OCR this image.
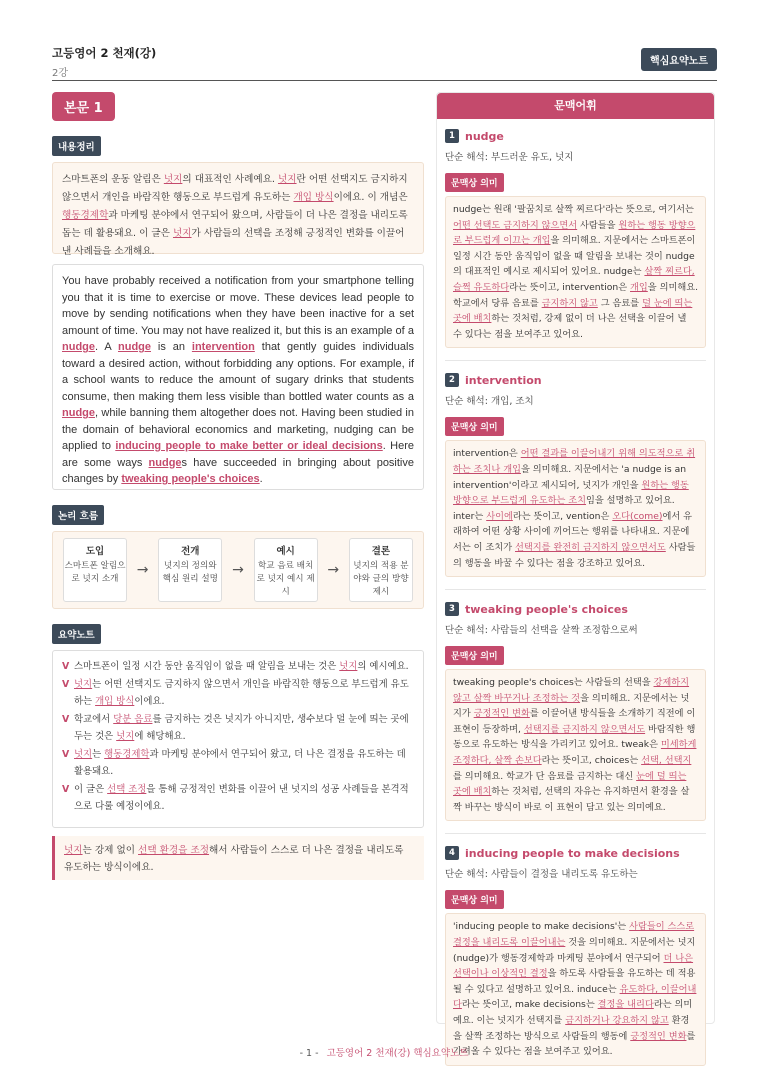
고등영어 2 천재(강)
2강
핵심요약노트
본문 1
내용정리
스마트폰의 운동 알림은 넛지의 대표적인 사례예요. 넛지란 어떤 선택지도 금지하지 않으면서 개인을 바람직한 행동으로 부드럽게 유도하는 개입 방식이에요. 이 개념은 행동경제학과 마케팅 분야에서 연구되어 왔으며, 사람들이 더 나은 결정을 내리도록 돕는 데 활용돼요. 이 글은 넛지가 사람들의 선택을 조정해 긍정적인 변화를 이끌어 낸 사례들을 소개해요.
You have probably received a notification from your smartphone telling you that it is time to exercise or move. These devices lead people to move by sending notifications when they have been inactive for a set amount of time. You may not have realized it, but this is an example of a nudge. A nudge is an intervention that gently guides individuals toward a desired action, without forbidding any options. For example, if a school wants to reduce the amount of sugary drinks that students consume, then making them less visible than bottled water counts as a nudge, while banning them altogether does not. Having been studied in the domain of behavioral economics and marketing, nudging can be applied to inducing people to make better or ideal decisions. Here are some ways nudges have succeeded in bringing about positive changes by tweaking people's choices.
논리 흐름
도입
스마트폰 알림으로 넛지 소개
→
전개
넛지의 정의와 핵심 원리 설명
→
예시
학교 음료 배치로 넛지 예시 제시
→
결론
넛지의 적용 분야와 글의 방향 제시
요약노트
V 스마트폰이 일정 시간 동안 움직임이 없을 때 알림을 보내는 것은 넛지의 예시예요.
V 넛지는 어떤 선택지도 금지하지 않으면서 개인을 바람직한 행동으로 부드럽게 유도하는 개입 방식이에요.
V 학교에서 당분 음료를 금지하는 것은 넛지가 아니지만, 생수보다 덜 눈에 띄는 곳에 두는 것은 넛지에 해당해요.
V 넛지는 행동경제학과 마케팅 분야에서 연구되어 왔고, 더 나은 결정을 유도하는 데 활용돼요.
V 이 글은 선택 조정을 통해 긍정적인 변화를 이끌어 낸 넛지의 성공 사례들을 본격적으로 다룰 예정이에요.
넛지는 강제 없이 선택 환경을 조정해서 사람들이 스스로 더 나은 결정을 내리도록 유도하는 방식이에요.
문맥어휘
1 nudge
단순 해석: 부드러운 유도, 넛지
문맥상 의미
nudge는 원래 '팔꿈치로 살짝 찌르다'라는 뜻으로, 여기서는 어떤 선택도 금지하지 않으면서 사람들을 원하는 행동 방향으로 부드럽게 이끄는 개입을 의미해요. 지문에서는 스마트폰이 일정 시간 동안 움직임이 없을 때 알림을 보내는 것이 nudge의 대표적인 예시로 제시되어 있어요. nudge는 살짝 찌르다, 슬쩍 유도하다라는 뜻이고, intervention은 개입을 의미해요. 학교에서 당류 음료를 금지하지 않고 그 음료를 덜 눈에 띄는 곳에 배치하는 것처럼, 강제 없이 더 나은 선택을 이끌어 낼 수 있다는 점을 보여주고 있어요.
2 intervention
단순 해석: 개입, 조치
문맥상 의미
intervention은 어떤 결과를 이끌어내기 위해 의도적으로 취하는 조치나 개입을 의미해요. 지문에서는 'a nudge is an intervention'이라고 제시되어, 넛지가 개인을 원하는 행동 방향으로 부드럽게 유도하는 조치임을 설명하고 있어요. inter는 사이에라는 뜻이고, vention은 오다(come)에서 유래하여 어떤 상황 사이에 끼어드는 행위를 나타내요. 지문에서는 이 조치가 선택지를 완전히 금지하지 않으면서도 사람들의 행동을 바꿀 수 있다는 점을 강조하고 있어요.
3 tweaking people's choices
단순 해석: 사람들의 선택을 살짝 조정함으로써
문맥상 의미
tweaking people's choices는 사람들의 선택을 강제하지 않고 살짝 바꾸거나 조정하는 것을 의미해요. 지문에서는 넛지가 긍정적인 변화를 이끌어낸 방식들을 소개하기 직전에 이 표현이 등장하며, 선택지를 금지하지 않으면서도 바람직한 행동으로 유도하는 방식을 가리키고 있어요. tweak은 미세하게 조정하다, 살짝 손보다라는 뜻이고, choices는 선택, 선택지를 의미해요. 학교가 단 음료를 금지하는 대신 눈에 덜 띄는 곳에 배치하는 것처럼, 선택의 자유는 유지하면서 환경을 살짝 바꾸는 방식이 바로 이 표현이 담고 있는 의미예요.
4 inducing people to make decisions
단순 해석: 사람들이 결정을 내리도록 유도하는
문맥상 의미
'inducing people to make decisions'는 사람들이 스스로 결정을 내리도록 이끌어내는 것을 의미해요. 지문에서는 넛지(nudge)가 행동경제학과 마케팅 분야에서 연구되어 더 나은 선택이나 이상적인 결정을 하도록 사람들을 유도하는 데 적용될 수 있다고 설명하고 있어요. induce는 유도하다, 이끌어내다라는 뜻이고, make decisions는 결정을 내리다라는 의미예요. 이는 넛지가 선택지를 금지하거나 강요하지 않고 환경을 살짝 조정하는 방식으로 사람들의 행동에 긍정적인 변화를 가져올 수 있다는 점을 보여주고 있어요.
- 1 - 고등영어 2 천재(강) 핵심요약노트
